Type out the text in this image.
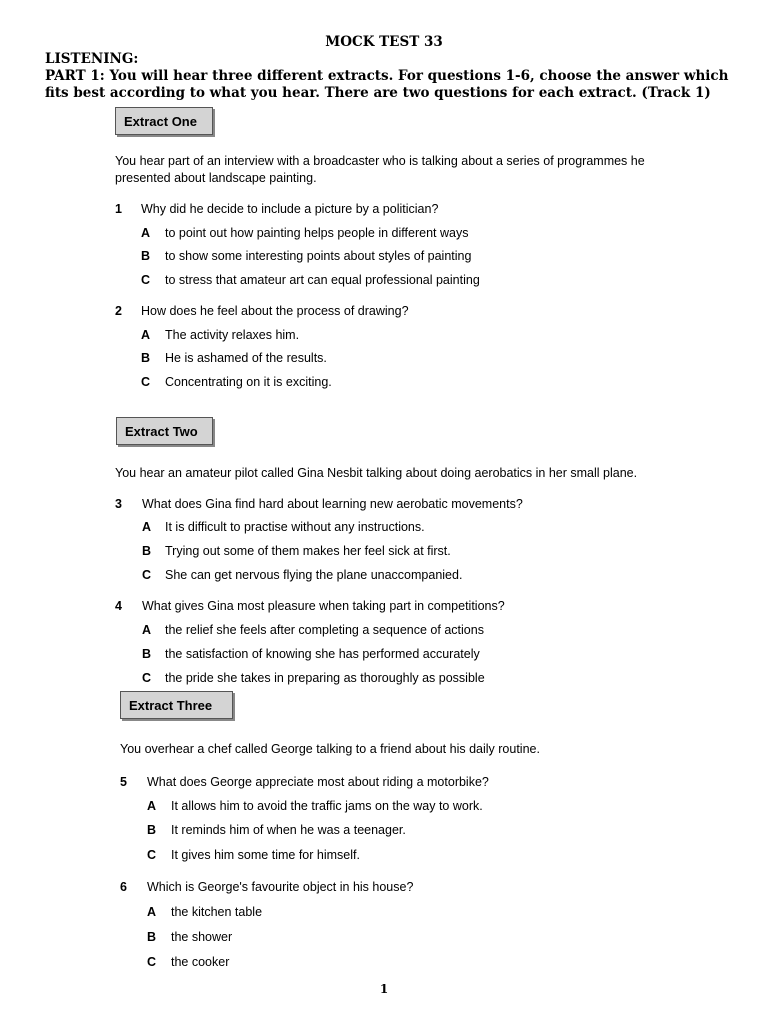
MOCK TEST 33
LISTENING:
PART 1: You will hear three different extracts. For questions 1-6, choose the answer which fits best according to what you hear. There are two questions for each extract. (Track 1)
Extract One
You hear part of an interview with a broadcaster who is talking about a series of programmes he presented about landscape painting.
1 Why did he decide to include a picture by a politician?
A to point out how painting helps people in different ways
B to show some interesting points about styles of painting
C to stress that amateur art can equal professional painting
2 How does he feel about the process of drawing?
A The activity relaxes him.
B He is ashamed of the results.
C Concentrating on it is exciting.
Extract Two
You hear an amateur pilot called Gina Nesbit talking about doing aerobatics in her small plane.
3 What does Gina find hard about learning new aerobatic movements?
A It is difficult to practise without any instructions.
B Trying out some of them makes her feel sick at first.
C She can get nervous flying the plane unaccompanied.
4 What gives Gina most pleasure when taking part in competitions?
A the relief she feels after completing a sequence of actions
B the satisfaction of knowing she has performed accurately
C the pride she takes in preparing as thoroughly as possible
Extract Three
You overhear a chef called George talking to a friend about his daily routine.
5 What does George appreciate most about riding a motorbike?
A It allows him to avoid the traffic jams on the way to work.
B It reminds him of when he was a teenager.
C It gives him some time for himself.
6 Which is George's favourite object in his house?
A the kitchen table
B the shower
C the cooker
1
